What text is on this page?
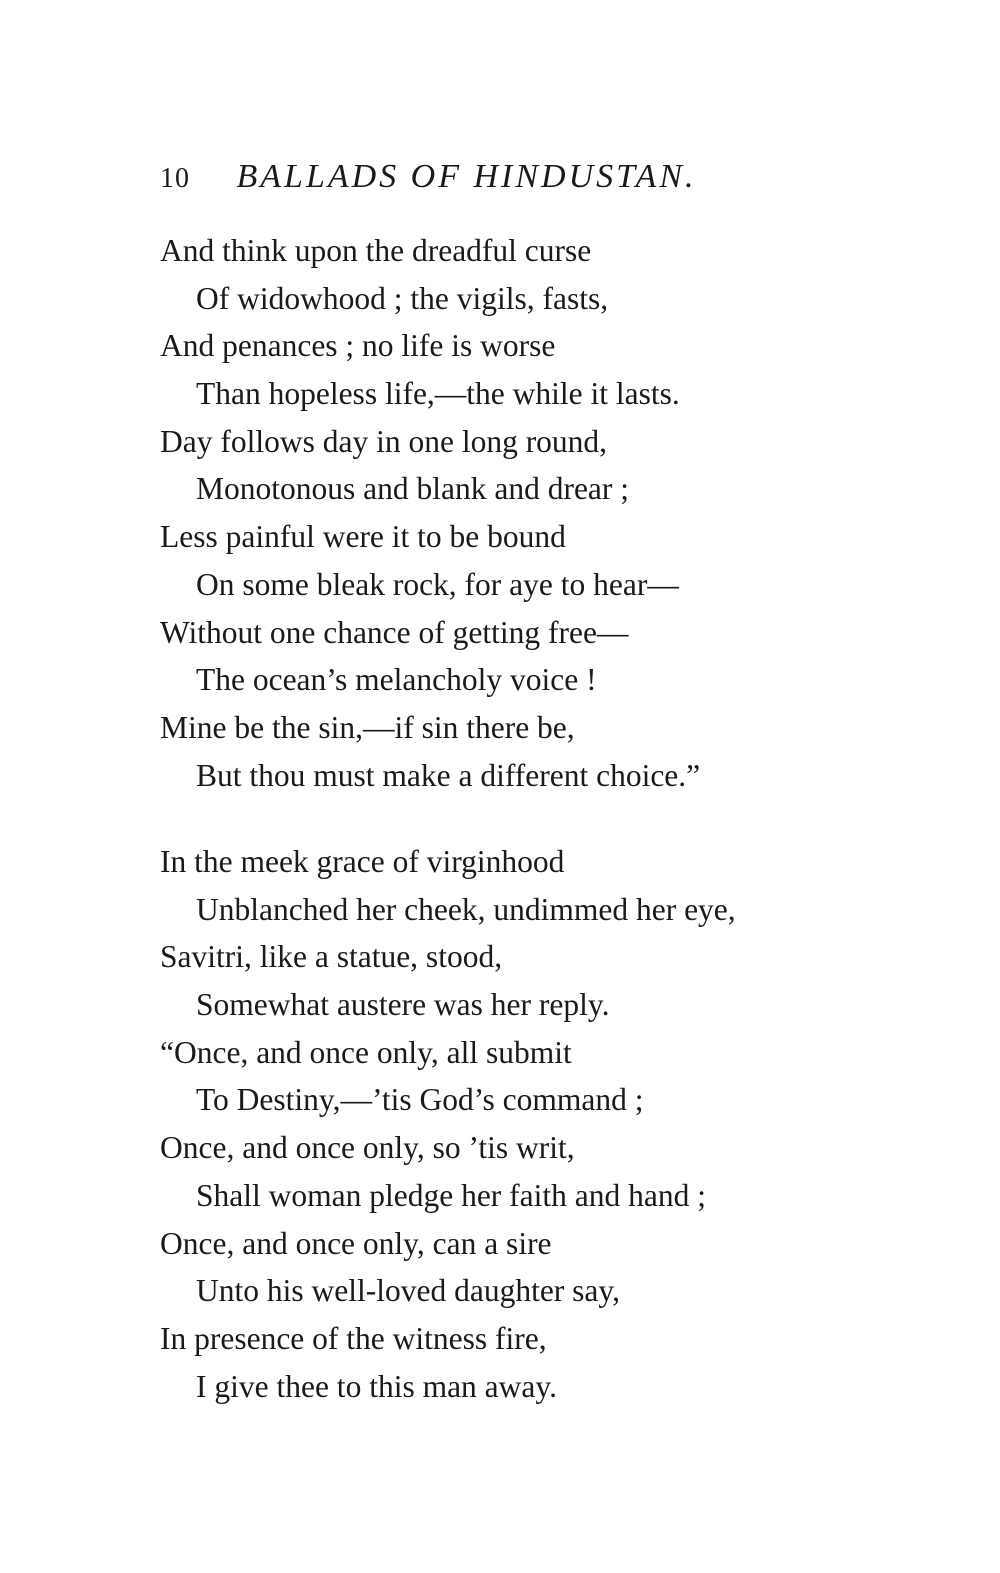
10 BALLADS OF HINDUSTAN.
And think upon the dreadful curse
Of widowhood ; the vigils, fasts,
And penances ; no life is worse
Than hopeless life,—the while it lasts.
Day follows day in one long round,
Monotonous and blank and drear ;
Less painful were it to be bound
On some bleak rock, for aye to hear—
Without one chance of getting free—
The ocean’s melancholy voice !
Mine be the sin,—if sin there be,
But thou must make a different choice.”
In the meek grace of virginhood
Unblanched her cheek, undimmed her eye,
Savitri, like a statue, stood,
Somewhat austere was her reply.
“Once, and once only, all submit
To Destiny,—’tis God’s command ;
Once, and once only, so ’tis writ,
Shall woman pledge her faith and hand ;
Once, and once only, can a sire
Unto his well-loved daughter say,
In presence of the witness fire,
I give thee to this man away.
